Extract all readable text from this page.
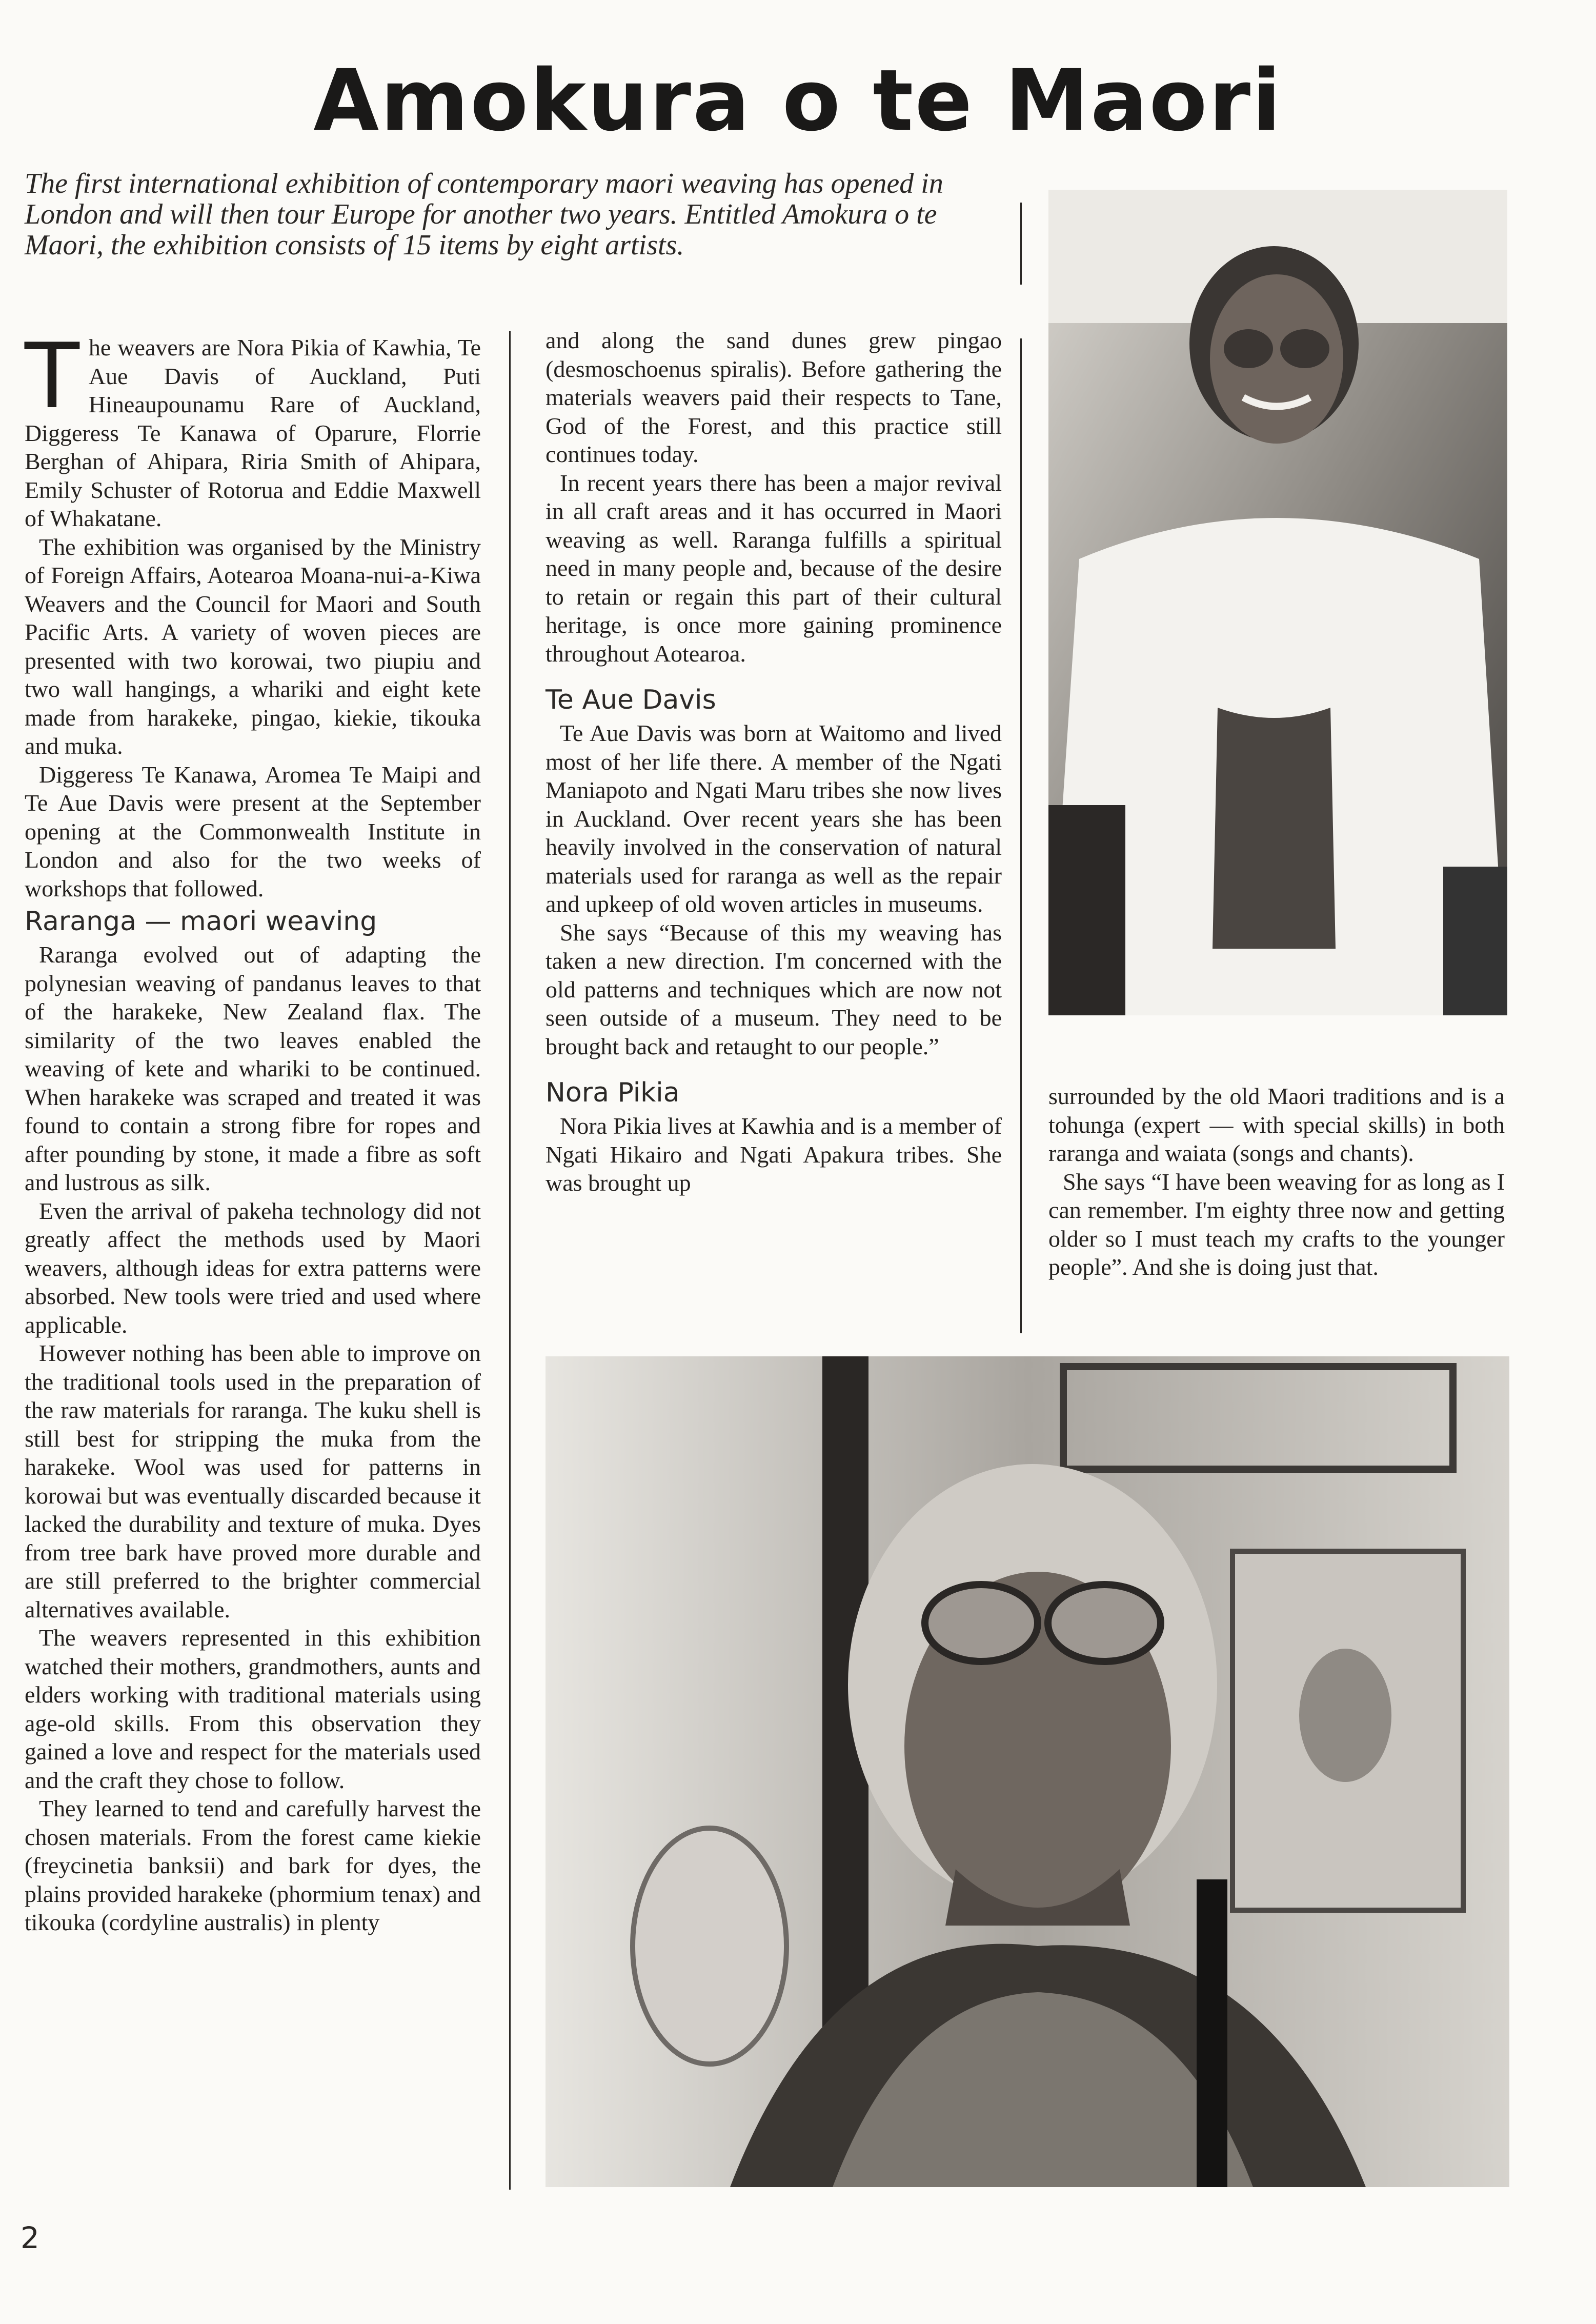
Amokura o te Maori

The first international exhibition of contemporary maori weaving has opened in London and will then tour Europe for another two years. Entitled Amokura o te Maori, the exhibition consists of 15 items by eight artists.

T he weavers are Nora Pikia of Kawhia, Te Aue Davis of Auckland, Puti Hineaupounamu Rare of Auckland, Diggeress Te Kanawa of Oparure, Florrie Berghan of Ahipara, Riria Smith of Ahipara, Emily Schuster of Rotorua and Eddie Maxwell of Whakatane.

The exhibition was organised by the Ministry of Foreign Affairs, Aotearoa Moana-nui-a-Kiwa Weavers and the Council for Maori and South Pacific Arts. A variety of woven pieces are presented with two korowai, two piupiu and two wall hangings, a whariki and eight kete made from harakeke, pingao, kiekie, tikouka and muka.

Diggeress Te Kanawa, Aromea Te Maipi and Te Aue Davis were present at the September opening at the Commonwealth Institute in London and also for the two weeks of workshops that followed.

Raranga — maori weaving

Raranga evolved out of adapting the polynesian weaving of pandanus leaves to that of the harakeke, New Zealand flax. The similarity of the two leaves enabled the weaving of kete and whariki to be continued. When harakeke was scraped and treated it was found to contain a strong fibre for ropes and after pounding by stone, it made a fibre as soft and lustrous as silk.

Even the arrival of pakeha technology did not greatly affect the methods used by Maori weavers, although ideas for extra patterns were absorbed. New tools were tried and used where applicable.

However nothing has been able to improve on the traditional tools used in the preparation of the raw materials for raranga. The kuku shell is still best for stripping the muka from the harakeke. Wool was used for patterns in korowai but was eventually discarded because it lacked the durability and texture of muka. Dyes from tree bark have proved more durable and are still preferred to the brighter commercial alternatives available.

The weavers represented in this exhibition watched their mothers, grandmothers, aunts and elders working with traditional materials using age-old skills. From this observation they gained a love and respect for the materials used and the craft they chose to follow.

They learned to tend and carefully harvest the chosen materials. From the forest came kiekie (freycinetia banksii) and bark for dyes, the plains provided harakeke (phormium tenax) and tikouka (cordyline australis) in plenty

and along the sand dunes grew pingao (desmoschoenus spiralis). Before gathering the materials weavers paid their respects to Tane, God of the Forest, and this practice still continues today.

In recent years there has been a major revival in all craft areas and it has occurred in Maori weaving as well. Raranga fulfills a spiritual need in many people and, because of the desire to retain or regain this part of their cultural heritage, is once more gaining prominence throughout Aotearoa.

Te Aue Davis

Te Aue Davis was born at Waitomo and lived most of her life there. A member of the Ngati Maniapoto and Ngati Maru tribes she now lives in Auckland. Over recent years she has been heavily involved in the conservation of natural materials used for raranga as well as the repair and upkeep of old woven articles in museums.

She says “Because of this my weaving has taken a new direction. I'm concerned with the old patterns and techniques which are now not seen outside of a museum. They need to be brought back and retaught to our people.”

Nora Pikia

Nora Pikia lives at Kawhia and is a member of Ngati Hikairo and Ngati Apakura tribes. She was brought up

surrounded by the old Maori traditions and is a tohunga (expert — with special skills) in both raranga and waiata (songs and chants).

She says “I have been weaving for as long as I can remember. I'm eighty three now and getting older so I must teach my crafts to the younger people”. And she is doing just that.

2
